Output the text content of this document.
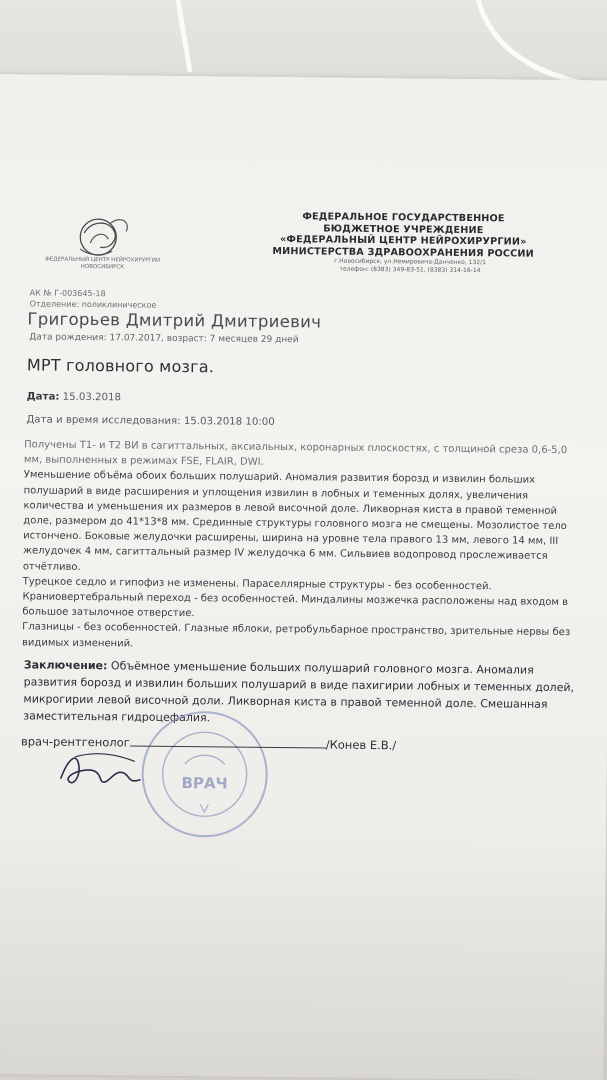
ФЕДЕРАЛЬНЫЙ ЦЕНТР НЕЙРОХИРУРГИИ НОВОСИБИРСК
ФЕДЕРАЛЬНОЕ ГОСУДАРСТВЕННОЕ
БЮДЖЕТНОЕ УЧРЕЖДЕНИЕ
«ФЕДЕРАЛЬНЫЙ ЦЕНТР НЕЙРОХИРУРГИИ»
МИНИСТЕРСТВА ЗДРАВООХРАНЕНИЯ РОССИИ
г.Новосибирск, ул.Немировича-Данченко, 132/1
телефон: (8383) 349-83-51, (8383) 314-16-14
АК № Г-003645-18
Отделение: поликлиническое
Григорьев Дмитрий Дмитриевич
Дата рождения: 17.07.2017, возраст: 7 месяцев 29 дней
МРТ головного мозга.
Дата: 15.03.2018
Дата и время исследования: 15.03.2018 10:00

Получены Т1- и Т2 ВИ в сагиттальных, аксиальных, коронарных плоскостях, с толщиной среза 0,6-5,0 мм, выполненных в режимах FSE, FLAIR, DWI.

Уменьшение объёма обоих больших полушарий. Аномалия развития борозд и извилин больших полушарий в виде расширения и уплощения извилин в лобных и теменных долях, увеличения количества и уменьшения их размеров в левой височной доле. Ликворная киста в правой теменной доле, размером до 41*13*8 мм. Срединные структуры головного мозга не смещены. Мозолистое тело истончено. Боковые желудочки расширены, ширина на уровне тела правого 13 мм, левого 14 мм, III желудочек 4 мм, сагиттальный размер IV желудочка 6 мм. Сильвиев водопровод прослеживается отчётливо.

Турецкое седло и гипофиз не изменены. Параселлярные структуры - без особенностей.

Краниовертебральный переход - без особенностей. Миндалины мозжечка расположены над входом в большое затылочное отверстие.

Глазницы - без особенностей. Глазные яблоки, ретробульбарное пространство, зрительные нервы без видимых изменений.

Заключение: Объёмное уменьшение больших полушарий головного мозга. Аномалия развития борозд и извилин больших полушарий в виде пахигирии лобных и теменных долей, микрогирии левой височной доли. Ликворная киста в правой теменной доле. Смешанная заместительная гидроцефалия.
ВРАЧ
врач-рентгенолог	/Конев Е.В./
